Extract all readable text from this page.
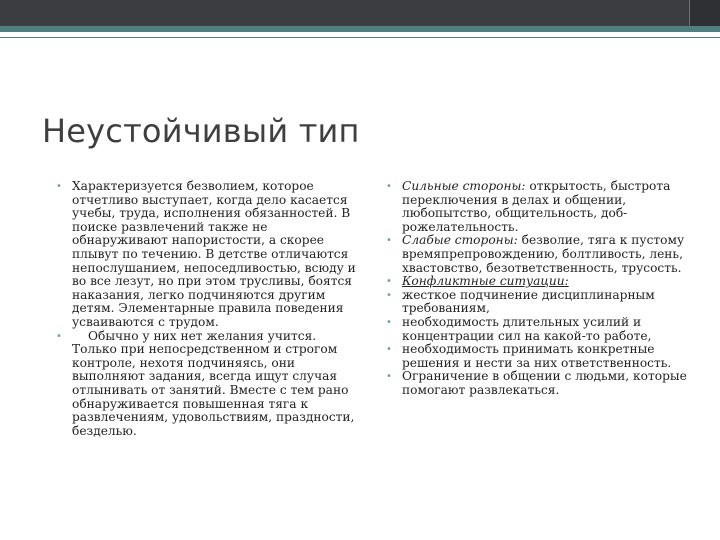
Неустойчивый тип
• Характеризуется безволием, которое отчетливо выступает, когда дело касается учебы, труда, исполнения обязанностей. В поиске развлечений также не обнаруживают напористости, а скорее плывут по течению. В детстве отличаются непослушанием, непоседливостью, всюду и во все лезут, но при этом трусливы, боятся наказания, легко подчиняются другим детям. Элементарные правила поведения усваиваются с трудом.

•	Обычно у них нет желания учится. Только при непосредственном и строгом контроле, нехотя подчиняясь, они выполняют задания, всегда ищут случая отлынивать от занятий. Вместе с тем рано обнаруживается повышенная тяга к развлечениям, удовольствиям, праздности, безделью.

• Сильные стороны: открытость, быстрота переключения в делах и общении, любопытство, общительность, доб-рожелательность.

• Слабые стороны: безволие, тяга к пустому времяпрепровождению, болтливость, лень, хвастовство, безответственность, трусость.

• Конфликтные ситуации:

• жесткое подчинение дисциплинарным требованиям,

• необходимость длительных усилий и концентрации сил на какой-то работе,

• необходимость принимать конкретные решения и нести за них ответственность.

• Ограничение в общении с людьми, которые помогают развлекаться.
